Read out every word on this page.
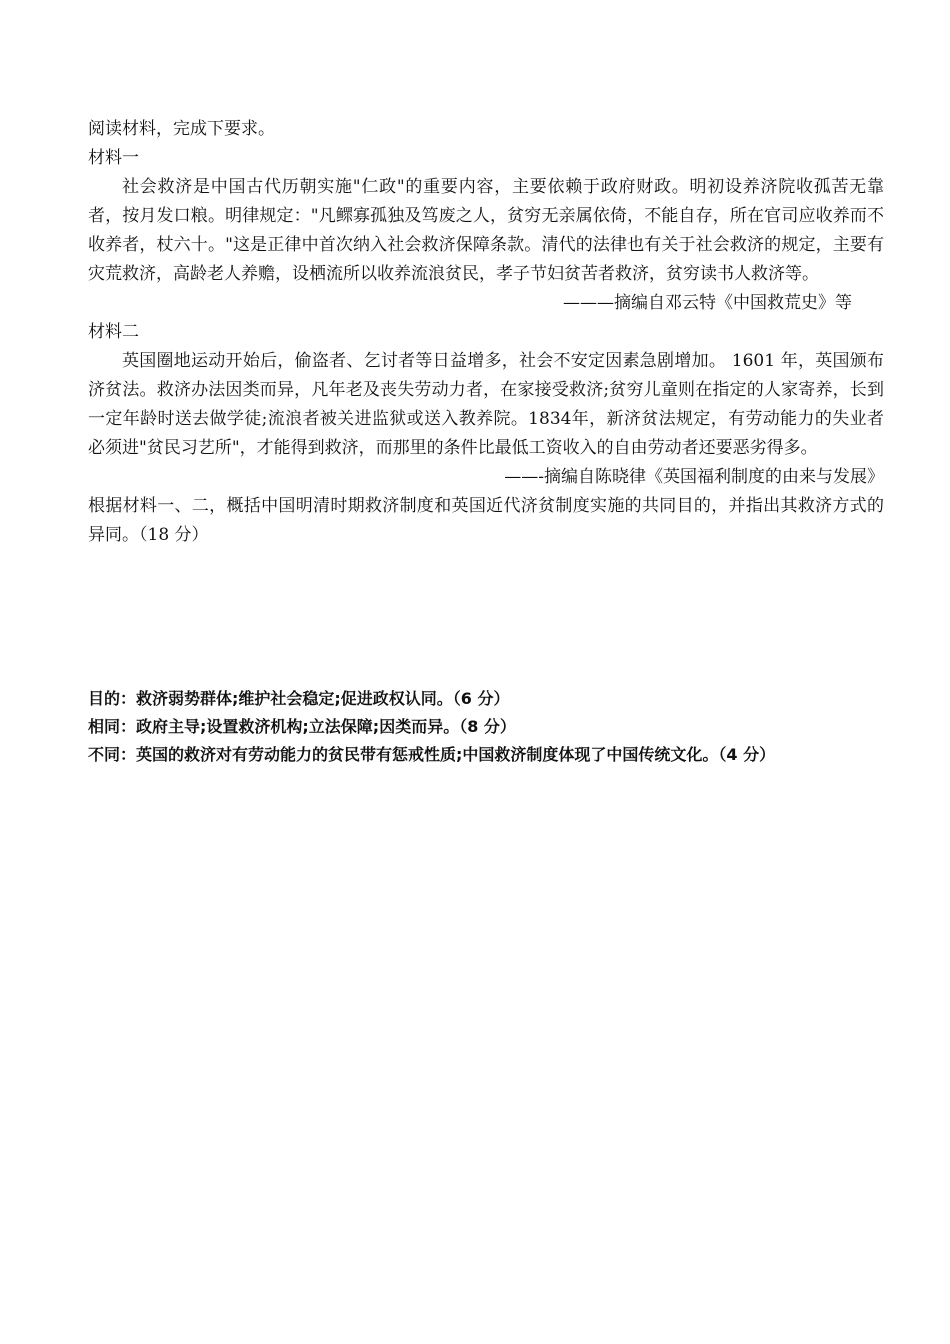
阅读材料，完成下要求。

材料一

社会救济是中国古代历朝实施"仁政"的重要内容，主要依赖于政府财政。明初设养济院收孤苦无靠者，按月发口粮。明律规定："凡鳏寡孤独及笃废之人，贫穷无亲属依倚，不能自存，所在官司应收养而不收养者，杖六十。"这是正律中首次纳入社会救济保障条款。清代的法律也有关于社会救济的规定，主要有灾荒救济，高龄老人养赡，设栖流所以收养流浪贫民，孝子节妇贫苦者救济，贫穷读书人救济等。

———摘编自邓云特《中国救荒史》等

材料二

英国圈地运动开始后，偷盗者、乞讨者等日益增多，社会不安定因素急剧增加。 1601 年，英国颁布济贫法。救济办法因类而异，凡年老及丧失劳动力者，在家接受救济;贫穷儿童则在指定的人家寄养，长到一定年龄时送去做学徒;流浪者被关进监狱或送入教养院。1834年，新济贫法规定，有劳动能力的失业者必须进"贫民习艺所"，才能得到救济，而那里的条件比最低工资收入的自由劳动者还要恶劣得多。

——-摘编自陈晓律《英国福利制度的由来与发展》

根据材料一、二，概括中国明清时期救济制度和英国近代济贫制度实施的共同目的，并指出其救济方式的异同。（18 分）

目的：救济弱势群体;维护社会稳定;促进政权认同。（6 分）

相同：政府主导;设置救济机构;立法保障;因类而异。（8 分）

不同：英国的救济对有劳动能力的贫民带有惩戒性质;中国救济制度体现了中国传统文化。（4 分）
